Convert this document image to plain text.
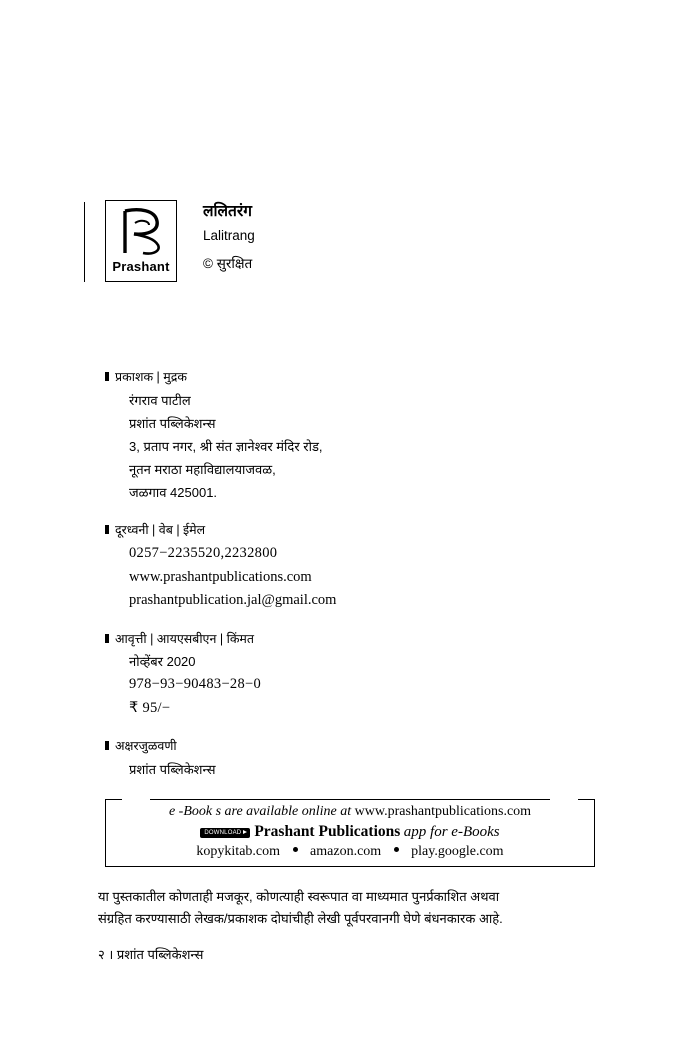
Prashant
ललितरंग
Lalitrang
© सुरक्षित
प्रकाशक | मुद्रक
रंगराव पाटील
प्रशांत पब्लिकेशन्स
3, प्रताप नगर, श्री संत ज्ञानेश्वर मंदिर रोड,
नूतन मराठा महाविद्यालयाजवळ,
जळगाव 425001.
दूरध्वनी | वेब | ईमेल
0257−2235520,2232800
www.prashantpublications.com
prashantpublication.jal@gmail.com
आवृत्ती | आयएसबीएन | किंमत
नोव्हेंबर 2020
978−93−90483−28−0
₹ 95/−
अक्षरजुळवणी
प्रशांत पब्लिकेशन्स
e -Book s are available online at www.prashantpublications.com
DOWNLOAD Prashant Publications app for e-Books
kopykitab.com amazon.com play.google.com
या पुस्तकातील कोणताही मजकूर, कोणत्याही स्वरूपात वा माध्यमात पुनर्प्रकाशित अथवा
संग्रहित करण्यासाठी लेखक/प्रकाशक दोघांचीही लेखी पूर्वपरवानगी घेणे बंधनकारक आहे.
२ । प्रशांत पब्लिकेशन्स
